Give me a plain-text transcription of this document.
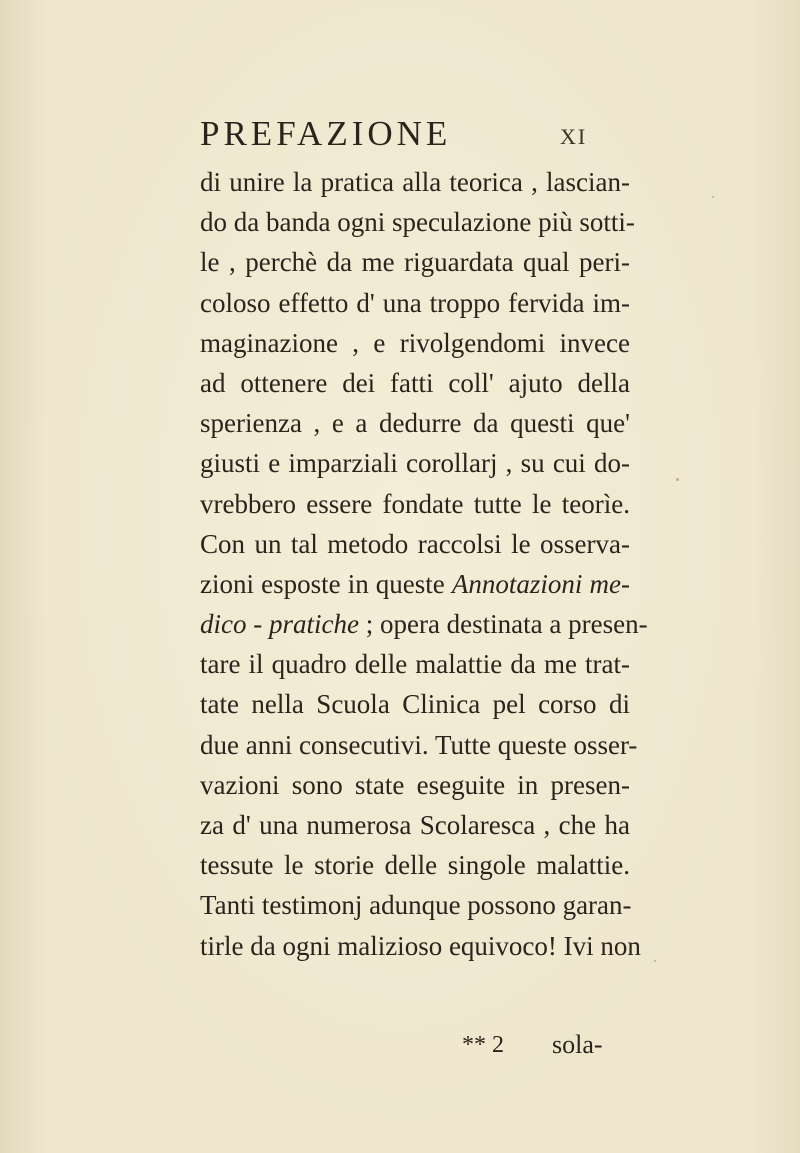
PREFAZIONE	XI
di unire la pratica alla teorica , lascian-
do da banda ogni speculazione più sotti-
le , perchè da me riguardata qual peri-
coloso effetto d' una troppo fervida im-
maginazione , e rivolgendomi invece
ad ottenere dei fatti coll' ajuto della
sperienza , e a dedurre da questi que'
giusti e imparziali corollarj , su cui do-
vrebbero essere fondate tutte le teorìe.
Con un tal metodo raccolsi le osserva-
zioni esposte in queste Annotazioni me-
dico - pratiche ; opera destinata a presen-
tare il quadro delle malattie da me trat-
tate nella Scuola Clinica pel corso di
due anni consecutivi. Tutte queste osser-
vazioni sono state eseguite in presen-
za d' una numerosa Scolaresca , che ha
tessute le storie delle singole malattie.
Tanti testimonj adunque possono garan-
tirle da ogni malizioso equivoco! Ivi non
** 2 sola-
